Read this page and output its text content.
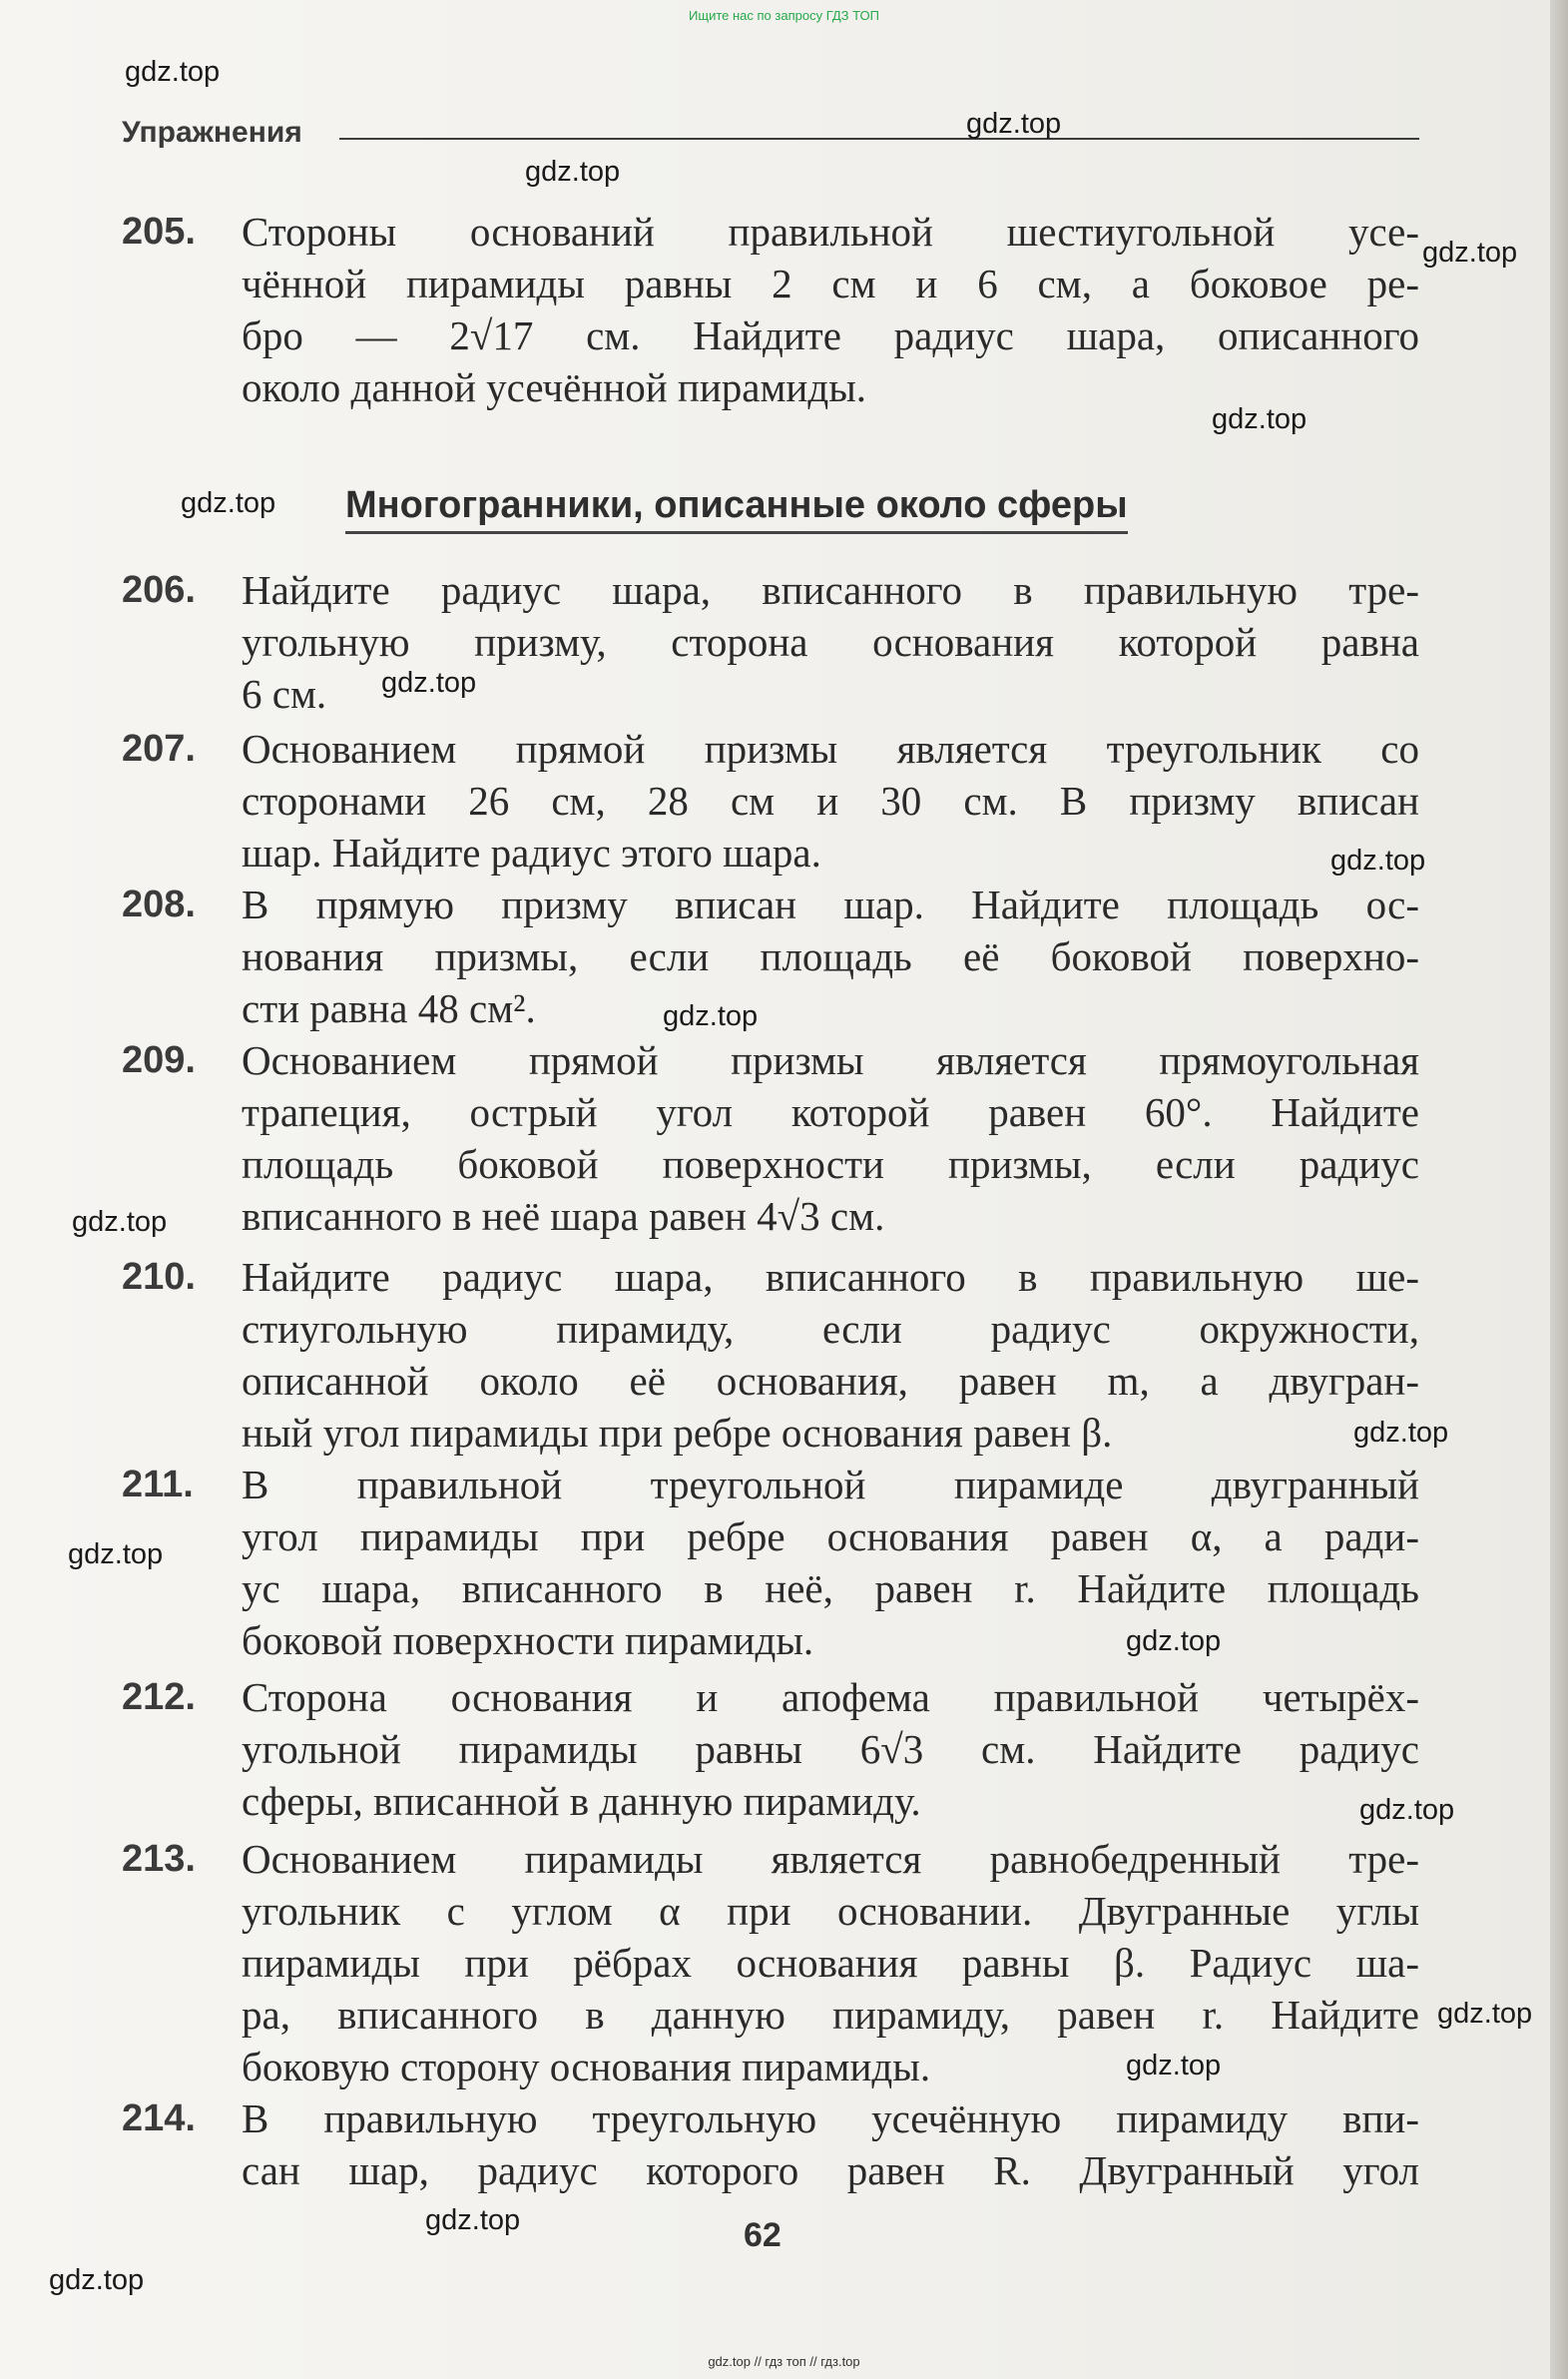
Ищите нас по запросу ГДЗ ТОП
Упражнения
Многогранники, описанные около сферы
205. Стороны оснований правильной шестиугольной усе-
чённой пирамиды равны 2 см и 6 см, а боковое ре-
бро — 2√17 см. Найдите радиус шара, описанного
около данной усечённой пирамиды.
206. Найдите радиус шара, вписанного в правильную тре-
угольную призму, сторона основания которой равна
6 см.
207. Основанием прямой призмы является треугольник со
сторонами 26 см, 28 см и 30 см. В призму вписан
шар. Найдите радиус этого шара.
208. В прямую призму вписан шар. Найдите площадь ос-
нования призмы, если площадь её боковой поверхно-
сти равна 48 см².
209. Основанием прямой призмы является прямоугольная
трапеция, острый угол которой равен 60°. Найдите
площадь боковой поверхности призмы, если радиус
вписанного в неё шара равен 4√3 см.
210. Найдите радиус шара, вписанного в правильную ше-
стиугольную пирамиду, если радиус окружности,
описанной около её основания, равен m, а двугран-
ный угол пирамиды при ребре основания равен β.
211. В правильной треугольной пирамиде двугранный
угол пирамиды при ребре основания равен α, а ради-
ус шара, вписанного в неё, равен r. Найдите площадь
боковой поверхности пирамиды.
212. Сторона основания и апофема правильной четырёх-
угольной пирамиды равны 6√3 см. Найдите радиус
сферы, вписанной в данную пирамиду.
213. Основанием пирамиды является равнобедренный тре-
угольник с углом α при основании. Двугранные углы
пирамиды при рёбрах основания равны β. Радиус ша-
ра, вписанного в данную пирамиду, равен r. Найдите
боковую сторону основания пирамиды.
214. В правильную треугольную усечённую пирамиду впи-
сан шар, радиус которого равен R. Двугранный угол
62
gdz.top
gdz.top
gdz.top
gdz.top
gdz.top
gdz.top
gdz.top
gdz.top
gdz.top
gdz.top
gdz.top
gdz.top
gdz.top
gdz.top
gdz.top
gdz.top
gdz.top
gdz.top
gdz.top // гдз топ // гдз.top
